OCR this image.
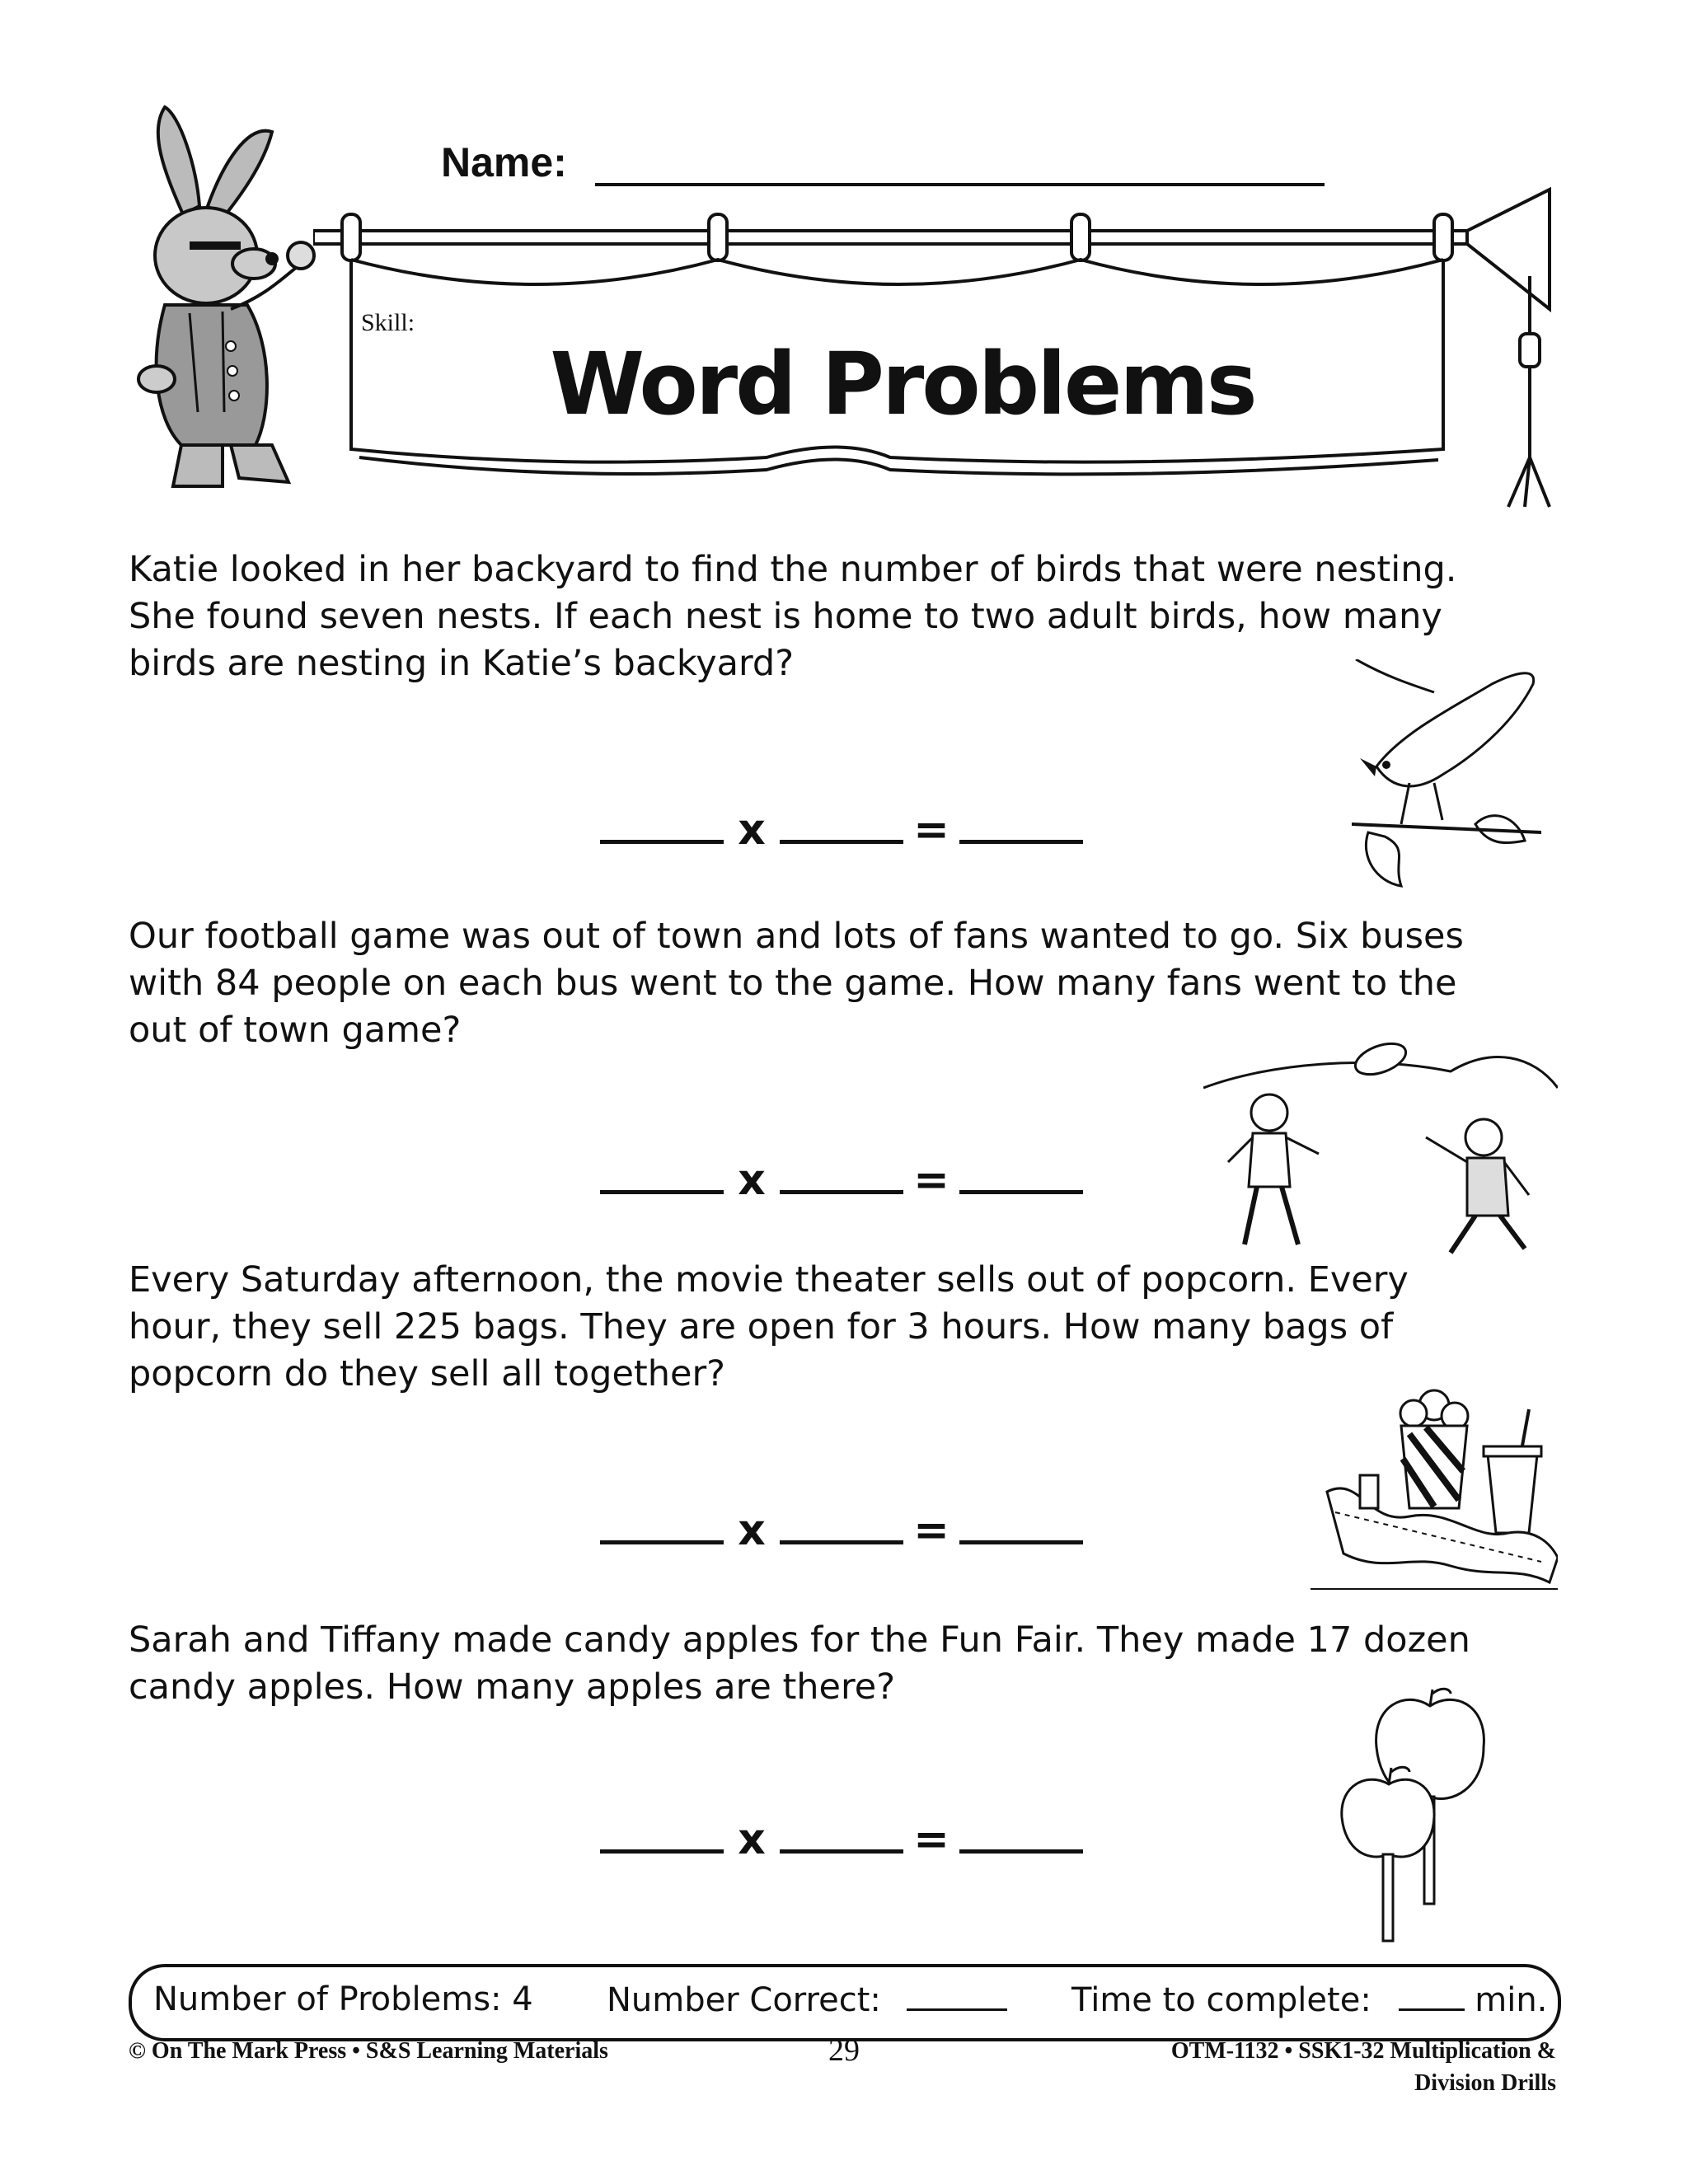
Name:
Skill:
Word Problems
Katie looked in her backyard to find the number of birds that were nesting.
She found seven nests. If each nest is home to two adult birds, how many
birds are nesting in Katie’s backyard?
x	=
Our football game was out of town and lots of fans wanted to go. Six buses
with 84 people on each bus went to the game. How many fans went to the
out of town game?
x	=
Every Saturday afternoon, the movie theater sells out of popcorn. Every
hour, they sell 225 bags. They are open for 3 hours. How many bags of
popcorn do they sell all together?
x	=
Sarah and Tiffany made candy apples for the Fun Fair. They made 17 dozen
candy apples. How many apples are there?
x	=
Number of Problems: 4 Number Correct:	Time to complete:	min.
© On The Mark Press • S&S Learning Materials	29	OTM-1132 • SSK1-32 Multiplication &
Division Drills
